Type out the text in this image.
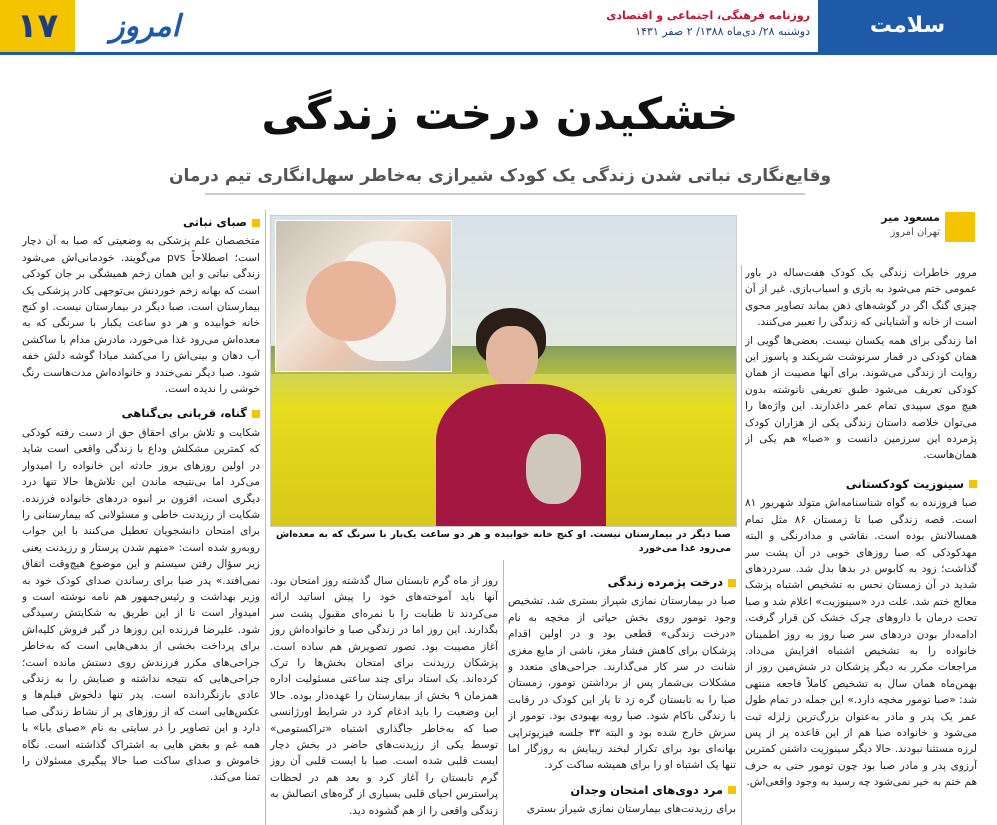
۱۷	امروز	روزنامه فرهنگی، اجتماعی و اقتصادی
دوشنبه ۲۸/ دی‌ماه ۱۳۸۸/ ۲ صفر ۱۴۳۱	سلامت
خشکیدن درخت زندگی
وقایع‌نگاری نباتی شدن زندگی یک کودک شیرازی به‌خاطر سهل‌انگاری تیم درمان
مسعود میر
تهران امروز
صبا دیگر در بیمارستان نیست. او کنج خانه خوابیده و هر دو ساعت یک‌بار با سرنگ که به معده‌اش می‌رود غذا می‌خورد

مرور خاطرات زندگی یک کودک هفت‌ساله در باور عمومی ختم می‌شود به بازی و اسباب‌بازی. غیر از آن چیزی گنگ اگر در گوشه‌های ذهن بماند تصاویر محوی است از خانه و آشنایانی که زندگی را تعبیر می‌کنند.

اما زندگی برای همه یکسان نیست. بعضی‌ها گویی از همان کودکی در قمار سرنوشت شریکند و پاسوز این روایت از زندگی می‌شوند. برای آنها مصیبت از همان کودکی تعریف می‌شود طبق تعریفی نانوشته بدون هیچ موی سپیدی تمام عمر داغدارند. این واژه‌ها را می‌توان خلاصه داستان زندگی یکی از هزاران کودک پژمرده این سرزمین دانست و «صبا» هم یکی از همان‌هاست.

سینوزیت کودکستانی

صبا فروزنده به گواه شناسنامه‌اش متولد شهریور ۸۱ است. قصه زندگی صبا تا زمستان ۸۶ مثل تمام همسالانش بوده است. نقاشی و مدادرنگی و البته مهدکودکی که صبا روزهای خوبی در آن پشت سر گذاشت؛ زود به کابوس در بدها بدل شد. سردردهای شدید در آن زمستان نحس به تشخیص اشتباه پزشک معالج ختم شد. علت درد «سینوزیت» اعلام شد و صبا تحت درمان با داروهای چرک خشک کن قرار گرفت. ادامه‌دار بودن دردهای سر صبا روز به روز اطمینان خانواده را به تشخیص اشتباه افزایش می‌داد. مراجعات مکرر به دیگر پزشکان در شش‌مین روز از بهمن‌ماه همان سال به تشخیص کاملاً فاجعه منتهی شد: «صبا تومور مخچه دارد.» این جمله در تمام طول عمر یک پدر و مادر به‌عنوان بزرگ‌ترین زلزله ثبت می‌شود و خانواده صبا هم از این قاعده پر از پس لرزه مستثنا نبودند. حالا دیگر سینوزیت داشتن کمترین آرزوی پدر و مادر صبا بود چون تومور حتی به حرف هم ختم به خیر نمی‌شود چه رسید به وجود واقعی‌اش.

درخت پژمرده زندگی

صبا در بیمارستان نمازی شیراز بستری شد. تشخیص وجود تومور روی بخش حیاتی از مخچه به نام «درخت زندگی» قطعی بود و در اولین اقدام پزشکان برای کاهش فشار مغز، ناشی از مایع مغزی شانت در سر کار می‌گذارند. جراحی‌های متعدد و مشکلات بی‌شمار پس از برداشتن تومور، زمستان صبا را به تابستان گره زد تا یار این کودک در رقابت با زندگی ناکام شود. صبا روبه بهبودی بود. تومور از سرش خارج شده بود و البته ۳۳ جلسه فیزیوتراپی بهانه‌ای بود برای تکرار لبخند زیبایش به روزگار اما تنها یک اشتباه او را برای همیشه ساکت کرد.

مرد دوی‌های امتحان وجدان

برای رزیدنت‌های بیمارستان نمازی شیراز بستری

روز از ماه گرم تابستان سال گذشته روز امتحان بود. آنها باید آموخته‌های خود را پیش اساتید ارائه می‌کردند تا طبابت را با نمره‌ای مقبول پشت سر بگذارند. این روز اما در زندگی صبا و خانواده‌اش روز آغاز مصیبت بود. تصور تصویرش هم ساده است. پزشکان رزیدنت برای امتحان بخش‌ها را ترک کرده‌اند. یک استاد برای چند ساعتی مسئولیت اداره همزمان ۹ بخش از بیمارستان را عهده‌دار بوده. حالا این وضعیت را باید ادغام کرد در شرایط اورژانسی صبا که به‌خاطر جاگذاری اشتباه «تراکستومی» توسط یکی از رزیدنت‌های حاضر در بخش دچار ایست قلبی شده است. صبا با ایست قلبی آن روز گرم تابستان را آغاز کرد و بعد هم در لحظات پراسترس احیای قلبی بسیاری از گره‌های اتصالش به زندگی واقعی را از هم گشوده دید.

صبای نباتی

متخصصان علم پزشکی به وضعیتی که صبا به آن دچار است؛ اصطلاحاً pvs می‌گویند. خودمانی‌اش می‌شود زندگی نباتی و این همان زخم همیشگی بر جان کودکی است که بهانه زخم خوردنش بی‌توجهی کادر پزشکی یک بیمارستان است. صبا دیگر در بیمارستان نیست. او کنج خانه خوابیده و هر دو ساعت یکبار با سرنگی که به معده‌اش می‌رود غذا می‌خورد، مادرش مدام با ساکشن آب دهان و بینی‌اش را می‌کشد مبادا گوشه دلش خفه شود. صبا دیگر نمی‌خندد و خانواده‌اش مدت‌هاست رنگ خوشی را ندیده است.

گناه، قربانی بی‌گناهی

شکایت و تلاش برای احقاق حق از دست رفته کودکی که کمترین مشکلش وداع با زندگی واقعی است شاید در اولین روزهای بروز حادثه این خانواده را امیدوار می‌کرد اما بی‌نتیجه ماندن این تلاش‌ها حالا تنها درد دیگری است، افزون بر انبوه دردهای خانواده فرزنده. شکایت از رزیدنت خاطی و مسئولانی که بیمارستانی را برای امتحان دانشجویان تعطیل می‌کنند با این جواب روبه‌رو شده است: «متهم شدن پرستار و رزیدنت یعنی زیر سؤال رفتن سیستم و این موضوع هیچ‌وقت اتفاق نمی‌افتد.» پدر صبا برای رساندن صدای کودک خود به وزیر بهداشت و رئیس‌جمهور هم نامه نوشته است و امیدوار است تا از این طریق به شکایتش رسیدگی شود. علیرضا فرزنده این روزها در گیر فروش کلیه‌اش برای پرداخت بخشی از بدهی‌هایی است که به‌خاطر جراحی‌های مکرر فرزندش روی دستش مانده است؛ جراحی‌هایی که نتیجه نداشته و صبایش را به زندگی عادی بازنگردانده است. پدر تنها دلخوش فیلم‌ها و عکس‌هایی است که از روزهای پر از نشاط زندگی صبا دارد و این تصاویر را در سایتی به نام «صبای بابا» با همه غم و بغض هایی به اشتراک گذاشته است. نگاه خاموش و صدای ساکت صبا حالا پیگیری مسئولان را تمنا می‌کند.
